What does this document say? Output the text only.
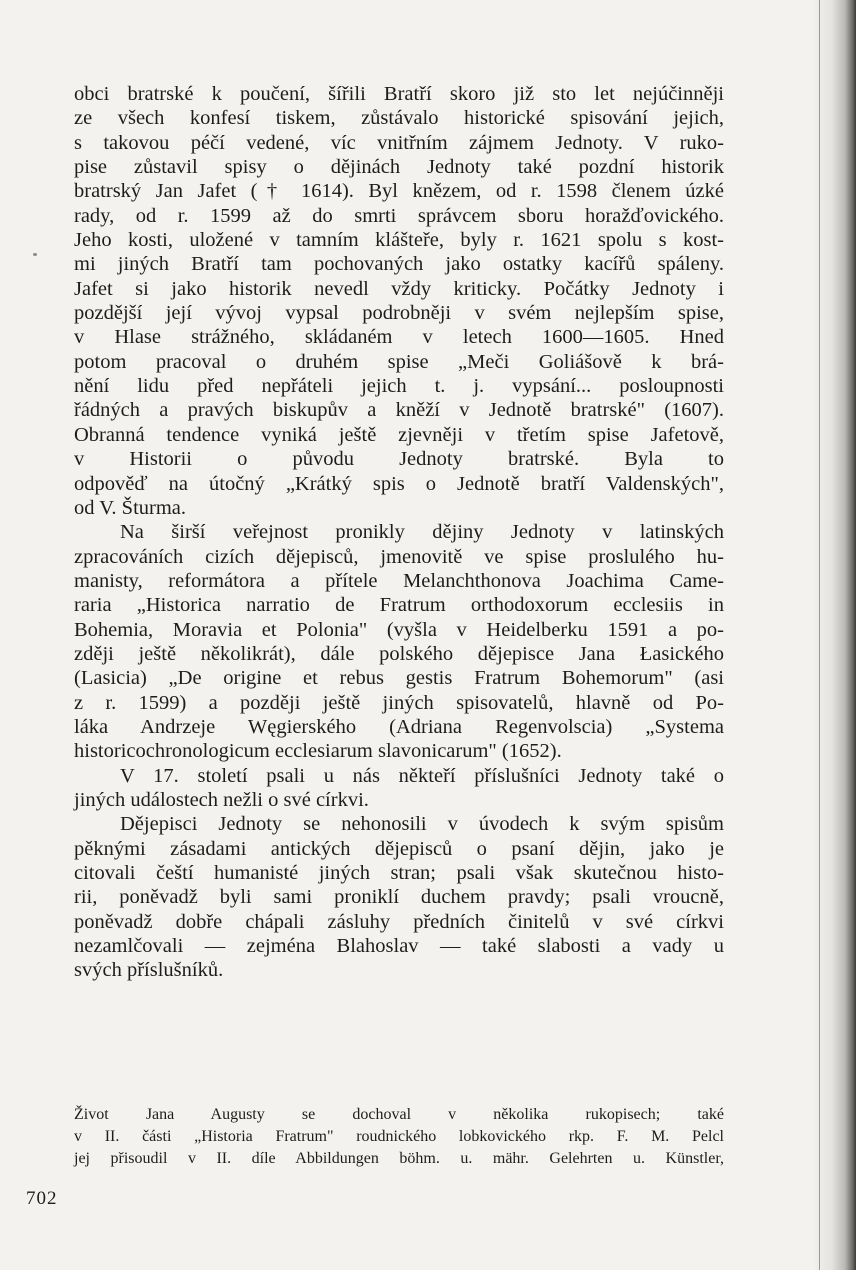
obci bratrské k poučení, šířili Bratří skoro již sto let nejúčinněji
ze všech konfesí tiskem, zůstávalo historické spisování jejich,
s takovou péčí vedené, víc vnitřním zájmem Jednoty. V ruko-
pise zůstavil spisy o dějinách Jednoty také pozdní historik
bratrský Jan Jafet († 1614). Byl knězem, od r. 1598 členem úzké
rady, od r. 1599 až do smrti správcem sboru horažďovického.
Jeho kosti, uložené v tamním klášteře, byly r. 1621 spolu s kost-
mi jiných Bratří tam pochovaných jako ostatky kacířů spáleny.
Jafet si jako historik nevedl vždy kriticky. Počátky Jednoty i
pozdější její vývoj vypsal podrobněji v svém nejlepším spise,
v Hlase strážného, skládaném v letech 1600—1605. Hned
potom pracoval o druhém spise „Meči Goliášově k brá-
nění lidu před nepřáteli jejich t. j. vypsání... posloupnosti
řádných a pravých biskupův a kněží v Jednotě bratrské" (1607).
Obranná tendence vyniká ještě zjevněji v třetím spise Jafetově,
v Historii o původu Jednoty bratrské. Byla to
odpověď na útočný „Krátký spis o Jednotě bratří Valdenských",
od V. Šturma.
Na širší veřejnost pronikly dějiny Jednoty v latinských
zpracováních cizích dějepisců, jmenovitě ve spise proslulého hu-
manisty, reformátora a přítele Melanchthonova Joachima Came-
raria „Historica narratio de Fratrum orthodoxorum ecclesiis in
Bohemia, Moravia et Polonia" (vyšla v Heidelberku 1591 a po-
zději ještě několikrát), dále polského dějepisce Jana Łasického
(Lasicia) „De origine et rebus gestis Fratrum Bohemorum" (asi
z r. 1599) a později ještě jiných spisovatelů, hlavně od Po-
láka Andrzeje Węgierského (Adriana Regenvolscia) „Systema
historicochronologicum ecclesiarum slavonicarum" (1652).
V 17. století psali u nás někteří příslušníci Jednoty také o
jiných událostech nežli o své církvi.
Dějepisci Jednoty se nehonosili v úvodech k svým spisům
pěknými zásadami antických dějepisců o psaní dějin, jako je
citovali čeští humanisté jiných stran; psali však skutečnou histo-
rii, poněvadž byli sami proniklí duchem pravdy; psali vroucně,
poněvadž dobře chápali zásluhy předních činitelů v své církvi
nezamlčovali — zejména Blahoslav — také slabosti a vady u
svých příslušníků.
Život Jana Augusty se dochoval v několika rukopisech; také
v II. části „Historia Fratrum" roudnického lobkovického rkp. F. M. Pelcl
jej přisoudil v II. díle Abbildungen böhm. u. mähr. Gelehrten u. Künstler,
702
